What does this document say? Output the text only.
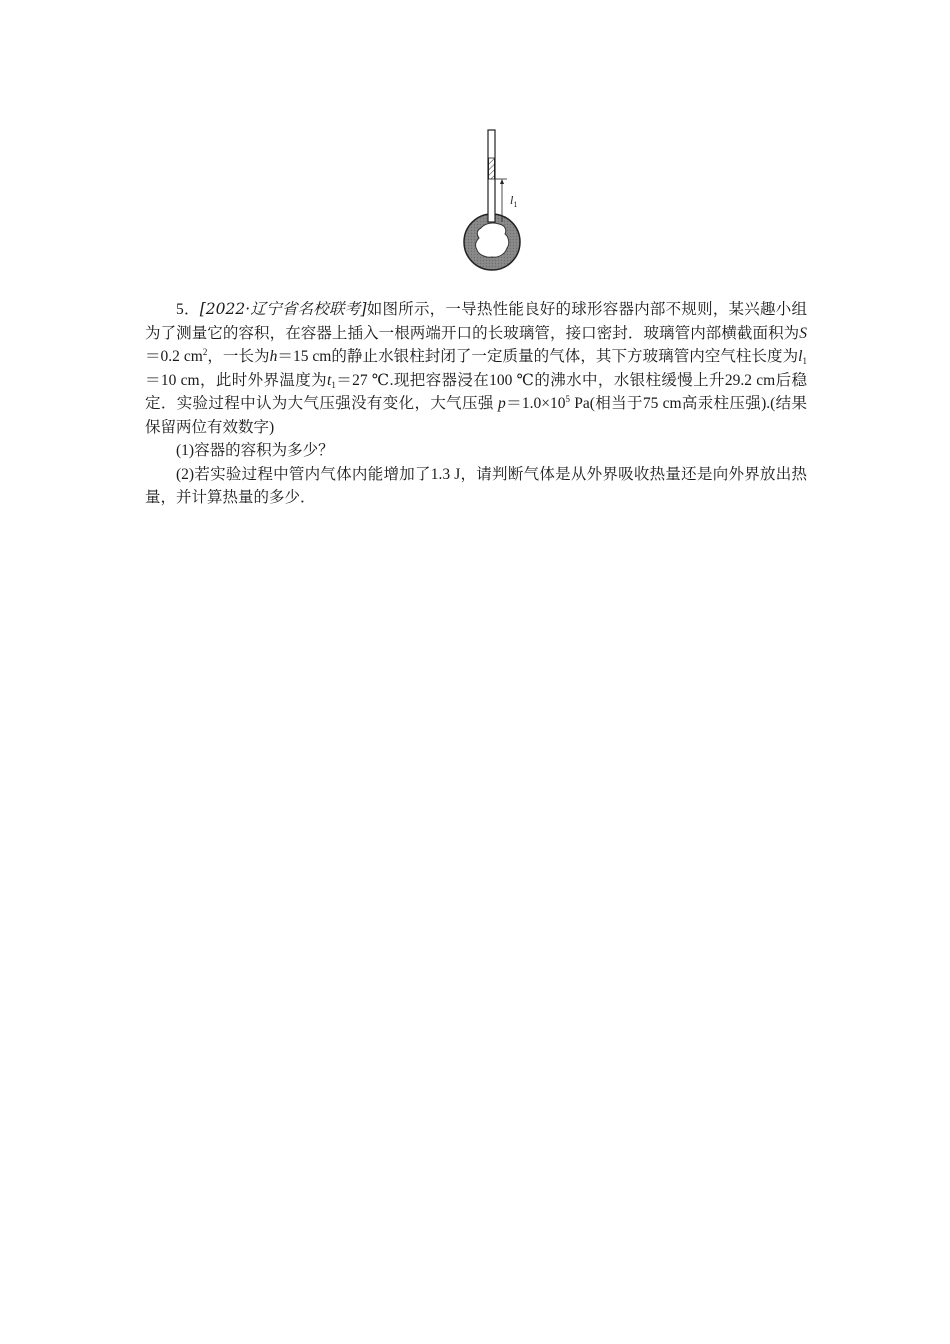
$l_1$

5．[2022·辽宁省名校联考]如图所示，一导热性能良好的球形容器内部不规则，某兴趣小组为了测量它的容积，在容器上插入一根两端开口的长玻璃管，接口密封．玻璃管内部横截面积为S＝0.2 $cm^2$，一长为h＝15 cm的静止水银柱封闭了一定质量的气体，其下方玻璃管内空气柱长度为$l_1=10$ cm，此时外界温度为$t_1=27$ ℃.现把容器浸在100 ℃的沸水中，水银柱缓慢上升29.2 cm后稳定．实验过程中认为大气压强没有变化，大气压强 $p=1.0\times 10^5$ Pa(相当于75 cm高汞柱压强).(结果保留两位有效数字)

(1)容器的容积为多少？

(2)若实验过程中管内气体内能增加了1.3 J，请判断气体是从外界吸收热量还是向外界放出热量，并计算热量的多少．
